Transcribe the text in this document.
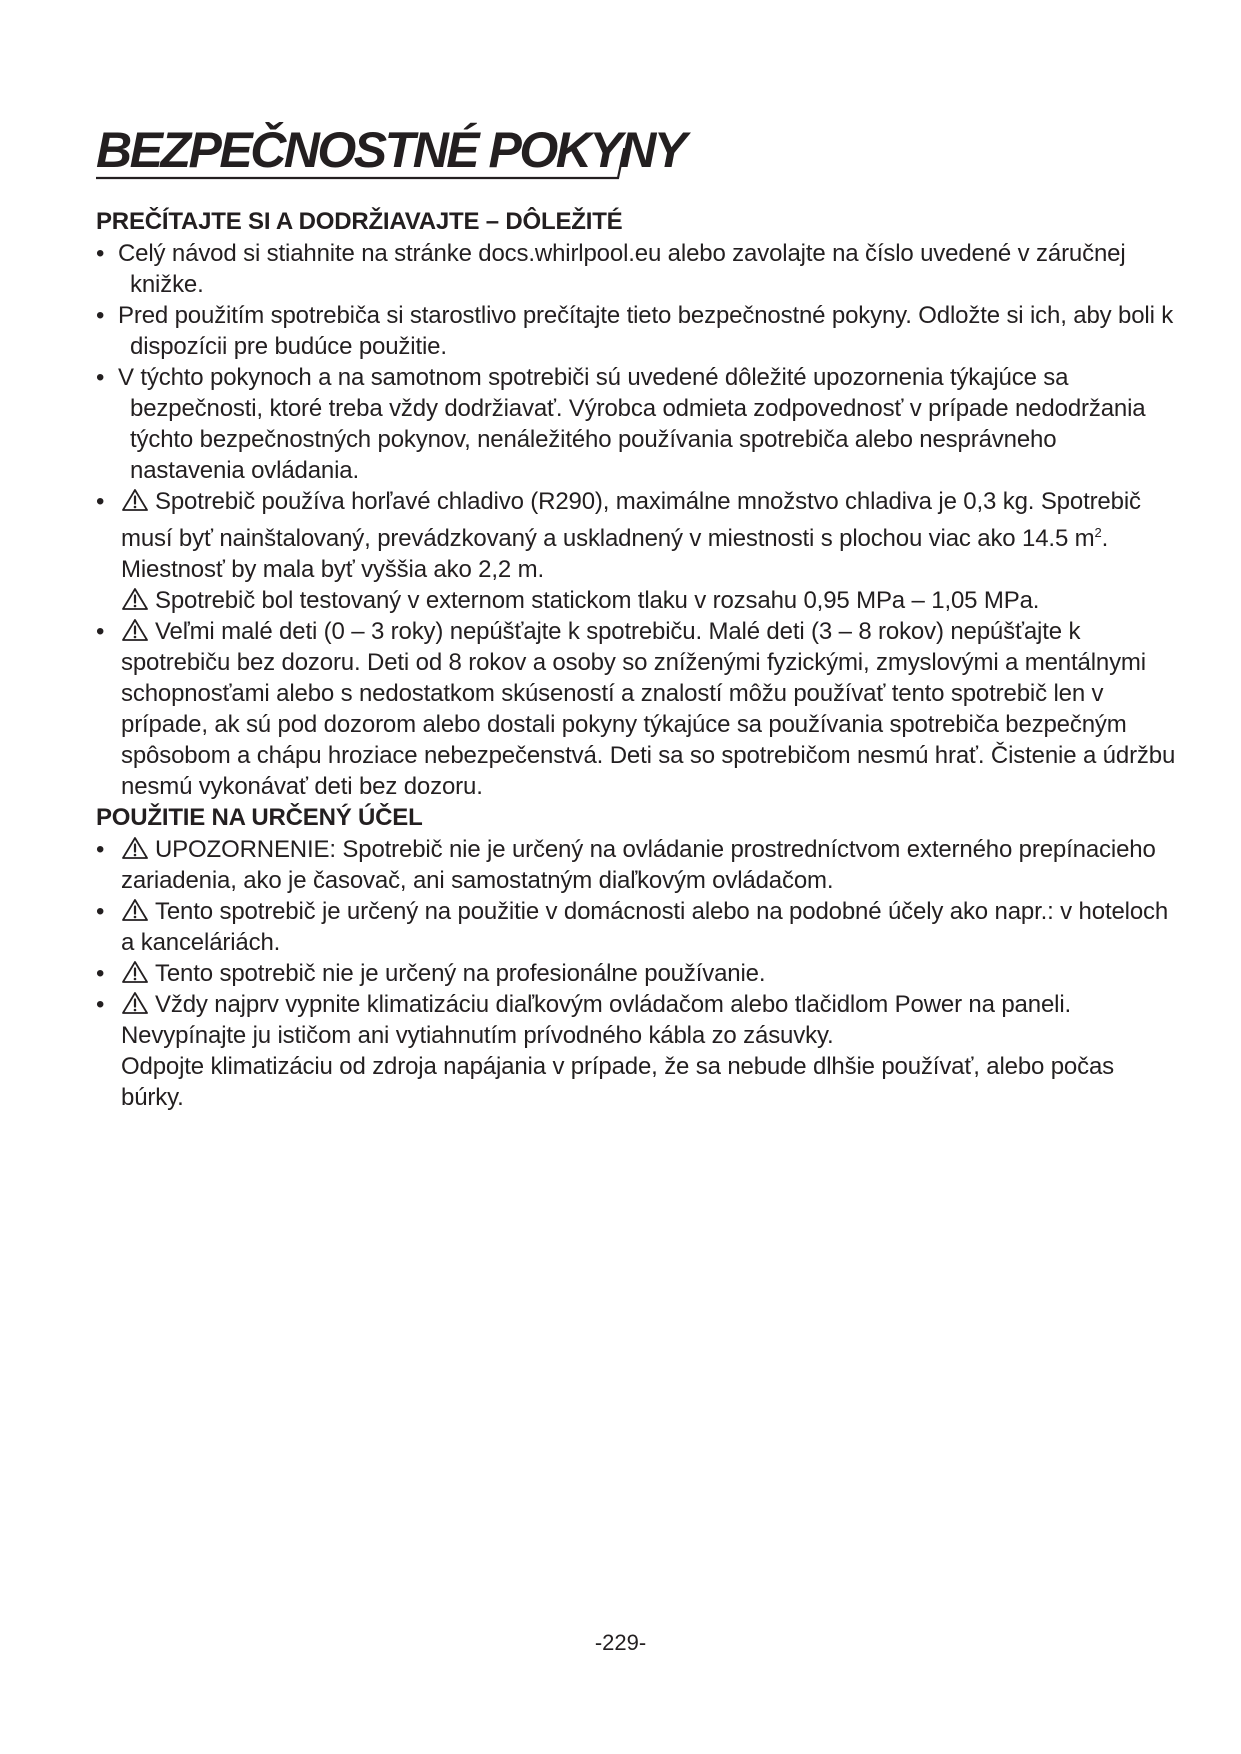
BEZPEČNOSTNÉ POKYNY
PREČÍTAJTE SI A DODRŽIAVAJTE – DÔLEŽITÉ

• Celý návod si stiahnite na stránke docs.whirlpool.eu alebo zavolajte na číslo uvedené v záručnej knižke.

• Pred použitím spotrebiča si starostlivo prečítajte tieto bezpečnostné pokyny. Odložte si ich, aby boli k dispozícii pre budúce použitie.

• V týchto pokynoch a na samotnom spotrebiči sú uvedené dôležité upozornenia týkajúce sa bezpečnosti, ktoré treba vždy dodržiavať. Výrobca odmieta zodpovednosť v prípade nedodržania týchto bezpečnostných pokynov, nenáležitého používania spotrebiča alebo nesprávneho nastavenia ovládania.

• Spotrebič používa horľavé chladivo (R290), maximálne množstvo chladiva je 0,3 kg. Spotrebič musí byť nainštalovaný, prevádzkovaný a uskladnený v miestnosti s plochou viac ako 14.5 $m^2$. Miestnosť by mala byť vyššia ako 2,2 m.

Spotrebič bol testovaný v externom statickom tlaku v rozsahu 0,95 MPa – 1,05 MPa.

• Veľmi malé deti (0 – 3 roky) nepúšťajte k spotrebiču. Malé deti (3 – 8 rokov) nepúšťajte k spotrebiču bez dozoru. Deti od 8 rokov a osoby so zníženými fyzickými, zmyslovými a mentálnymi schopnosťami alebo s nedostatkom skúseností a znalostí môžu používať tento spotrebič len v prípade, ak sú pod dozorom alebo dostali pokyny týkajúce sa používania spotrebiča bezpečným spôsobom a chápu hroziace nebezpečenstvá. Deti sa so spotrebičom nesmú hrať. Čistenie a údržbu nesmú vykonávať deti bez dozoru.

POUŽITIE NA URČENÝ ÚČEL

• UPOZORNENIE: Spotrebič nie je určený na ovládanie prostredníctvom externého prepínacieho zariadenia, ako je časovač, ani samostatným diaľkovým ovládačom.

• Tento spotrebič je určený na použitie v domácnosti alebo na podobné účely ako napr.: v hoteloch a kanceláriách.

• Tento spotrebič nie je určený na profesionálne používanie.

• Vždy najprv vypnite klimatizáciu diaľkovým ovládačom alebo tlačidlom Power na paneli.

Nevypínajte ju ističom ani vytiahnutím prívodného kábla zo zásuvky.

Odpojte klimatizáciu od zdroja napájania v prípade, že sa nebude dlhšie používať, alebo počas búrky.

-229-
